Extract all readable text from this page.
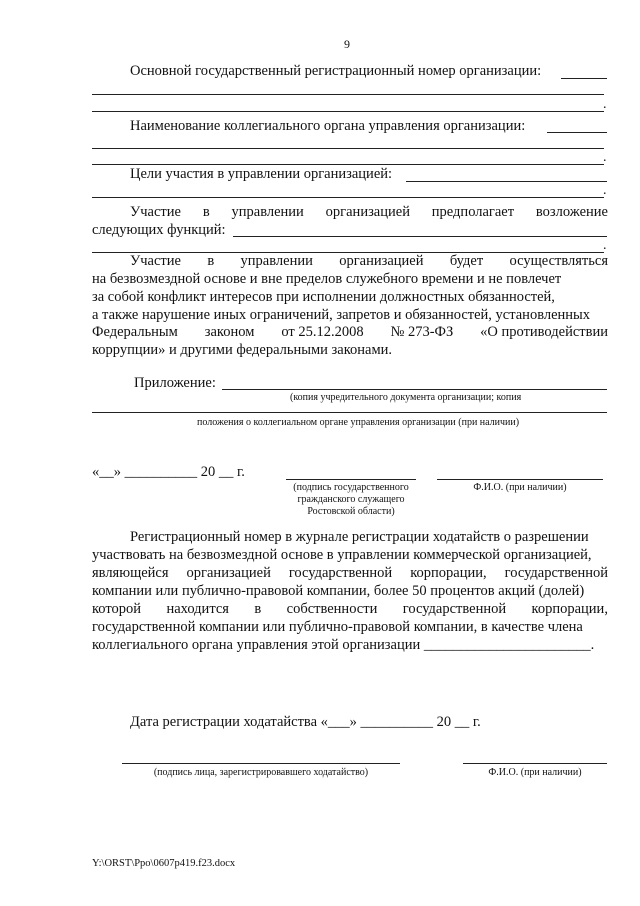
9
Основной государственный регистрационный номер организации:
.
Наименование коллегиального органа управления организации:
.
Цели участия в управлении организацией:
.
Участие в управлении организацией предполагает возложение
следующих функций:
.
Участие в управлении организацией будет осуществляться
на безвозмездной основе и вне пределов служебного времени и не повлечет
за собой конфликт интересов при исполнении должностных обязанностей,
а также нарушение иных ограничений, запретов и обязанностей, установленных
Федеральным законом от 25.12.2008 № 273-ФЗ «О противодействии
коррупции» и другими федеральными законами.
Приложение:
(копия учредительного документа организации; копия
положения о коллегиальном органе управления организации (при наличии)
«__» __________ 20 __ г.
(подпись государственного
гражданского служащего
Ростовской области)
Ф.И.О. (при наличии)
Регистрационный номер в журнале регистрации ходатайств о разрешении
участвовать на безвозмездной основе в управлении коммерческой организацией,
являющейся организацией государственной корпорации, государственной
компании или публично-правовой компании, более 50 процентов акций (долей)
которой находится в собственности государственной корпорации,
государственной компании или публично-правовой компании, в качестве члена
коллегиального органа управления этой организации _______________________.
Дата регистрации ходатайства «___» __________ 20 __ г.
(подпись лица, зарегистрировавшего ходатайство)	Ф.И.О. (при наличии)
Y:\ORST\Ppo\0607p419.f23.docx
